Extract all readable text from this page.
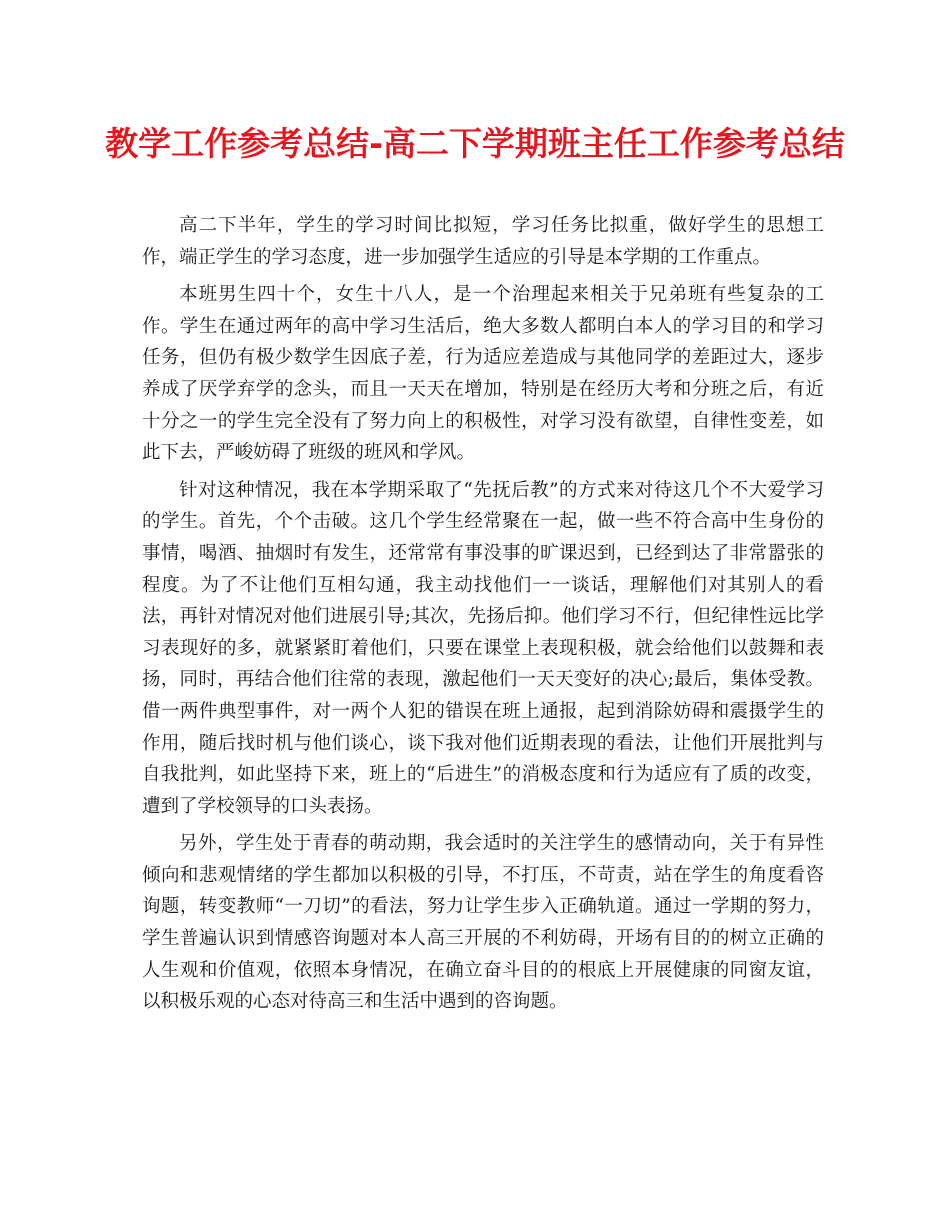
教学工作参考总结-高二下学期班主任工作参考总结

高二下半年，学生的学习时间比拟短，学习任务比拟重，做好学生的思想工作，端正学生的学习态度，进一步加强学生适应的引导是本学期的工作重点。

本班男生四十个，女生十八人，是一个治理起来相关于兄弟班有些复杂的工作。学生在通过两年的高中学习生活后，绝大多数人都明白本人的学习目的和学习任务，但仍有极少数学生因底子差，行为适应差造成与其他同学的差距过大，逐步养成了厌学弃学的念头，而且一天天在增加，特别是在经历大考和分班之后，有近十分之一的学生完全没有了努力向上的积极性，对学习没有欲望，自律性变差，如此下去，严峻妨碍了班级的班风和学风。

针对这种情况，我在本学期采取了“先抚后教”的方式来对待这几个不大爱学习的学生。首先，个个击破。这几个学生经常聚在一起，做一些不符合高中生身份的事情，喝酒、抽烟时有发生，还常常有事没事的旷课迟到，已经到达了非常嚣张的程度。为了不让他们互相勾通，我主动找他们一一谈话，理解他们对其别人的看法，再针对情况对他们进展引导;其次，先扬后抑。他们学习不行，但纪律性远比学习表现好的多，就紧紧盯着他们，只要在课堂上表现积极，就会给他们以鼓舞和表扬，同时，再结合他们往常的表现，激起他们一天天变好的决心;最后，集体受教。借一两件典型事件，对一两个人犯的错误在班上通报，起到消除妨碍和震摄学生的作用，随后找时机与他们谈心，谈下我对他们近期表现的看法，让他们开展批判与自我批判，如此坚持下来，班上的“后进生”的消极态度和行为适应有了质的改变，遭到了学校领导的口头表扬。

另外，学生处于青春的萌动期，我会适时的关注学生的感情动向，关于有异性倾向和悲观情绪的学生都加以积极的引导，不打压，不苛责，站在学生的角度看咨询题，转变教师“一刀切”的看法，努力让学生步入正确轨道。通过一学期的努力，学生普遍认识到情感咨询题对本人高三开展的不利妨碍，开场有目的的树立正确的人生观和价值观，依照本身情况，在确立奋斗目的的根底上开展健康的同窗友谊，以积极乐观的心态对待高三和生活中遇到的咨询题。
